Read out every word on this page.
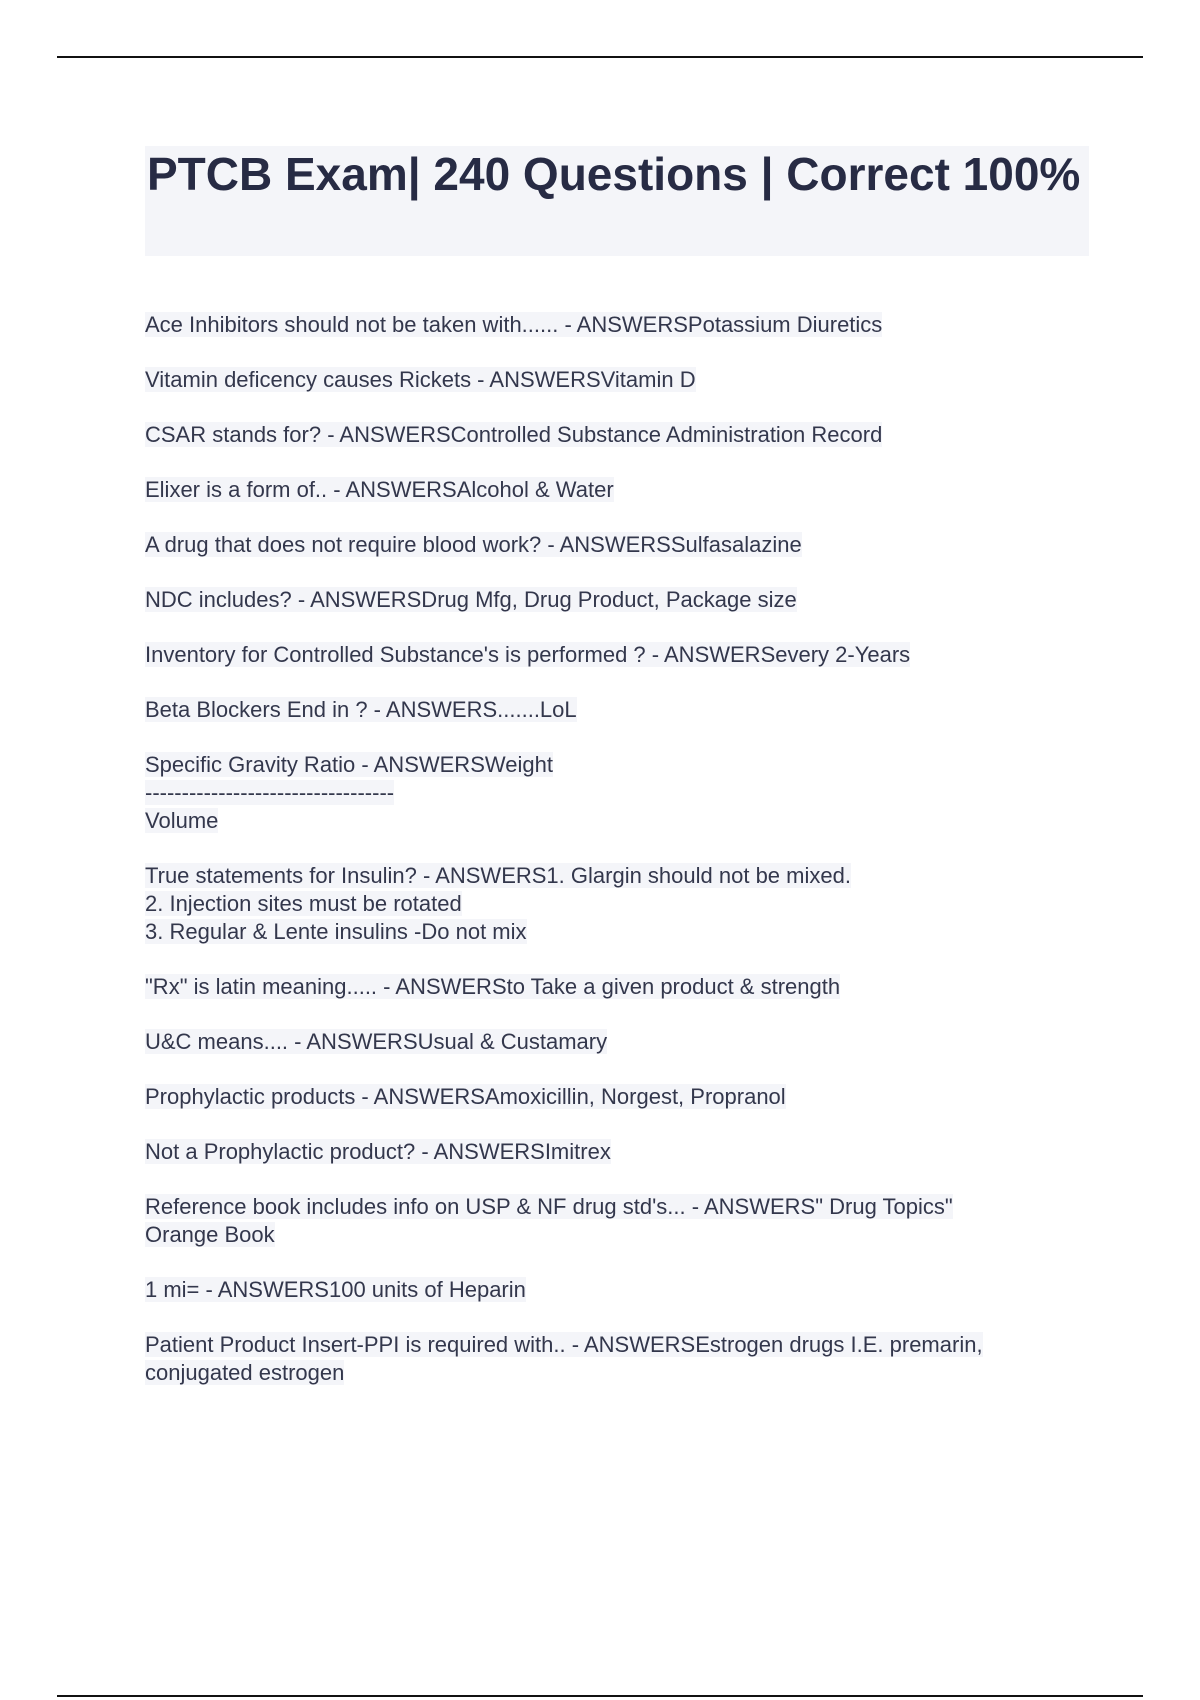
PTCB Exam| 240 Questions | Correct 100%
Ace Inhibitors should not be taken with...... - ANSWERSPotassium Diuretics
Vitamin deficency causes Rickets - ANSWERSVitamin D
CSAR stands for? - ANSWERSControlled Substance Administration Record
Elixer is a form of.. - ANSWERSAlcohol & Water
A drug that does not require blood work? - ANSWERSSulfasalazine
NDC includes? - ANSWERSDrug Mfg, Drug Product, Package size
Inventory for Controlled Substance's is performed ? - ANSWERSevery 2-Years
Beta Blockers End in ? - ANSWERS.......LoL
Specific Gravity Ratio - ANSWERSWeight
----------------------------------
Volume
True statements for Insulin? - ANSWERS1. Glargin should not be mixed.
2. Injection sites must be rotated
3. Regular & Lente insulins -Do not mix
"Rx" is latin meaning..... - ANSWERSto Take a given product & strength
U&C means.... - ANSWERSUsual & Custamary
Prophylactic products - ANSWERSAmoxicillin, Norgest, Propranol
Not a Prophylactic product? - ANSWERSImitrex
Reference book includes info on USP & NF drug std's... - ANSWERS" Drug Topics"
Orange Book
1 mi= - ANSWERS100 units of Heparin
Patient Product Insert-PPI is required with.. - ANSWERSEstrogen drugs I.E. premarin,
conjugated estrogen
